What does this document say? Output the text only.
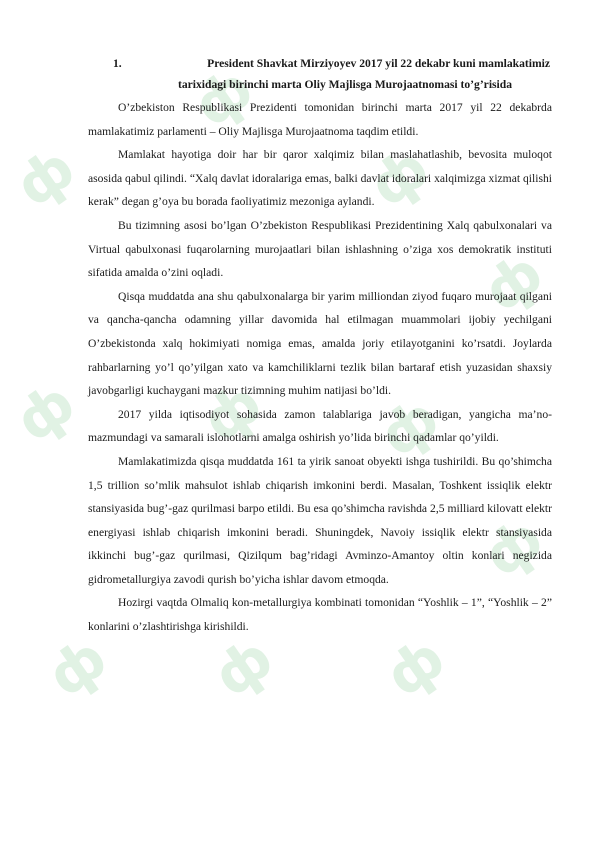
ф
ф
ф
ф
ф
ф
ф
ф
ф
ф
ф

1.	President Shavkat Mirziyoyev 2017 yil 22 dekabr kuni mamlakatimiz
tarixidagi birinchi marta Oliy Majlisga Murojaatnomasi to’g’risida

O’zbekiston Respublikasi Prezidenti tomonidan birinchi marta 2017 yil 22 dekabrda mamlakatimiz parlamenti – Oliy Majlisga Murojaatnoma taqdim etildi.

Mamlakat hayotiga doir har bir qaror xalqimiz bilan maslahatlashib, bevosita muloqot asosida qabul qilindi. “Xalq davlat idoralariga emas, balki davlat idoralari xalqimizga xizmat qilishi kerak” degan g’oya bu borada faoliyatimiz mezoniga aylandi.

Bu tizimning asosi bo’lgan O’zbekiston Respublikasi Prezidentining Xalq qabulxonalari va Virtual qabulxonasi fuqarolarning murojaatlari bilan ishlashning o’ziga xos demokratik instituti sifatida amalda o’zini oqladi.

Qisqa muddatda ana shu qabulxonalarga bir yarim milliondan ziyod fuqaro murojaat qilgani va qancha-qancha odamning yillar davomida hal etilmagan muammolari ijobiy yechilgani O’zbekistonda xalq hokimiyati nomiga emas, amalda joriy etilayotganini ko’rsatdi. Joylarda rahbarlarning yo’l qo’yilgan xato va kamchiliklarni tezlik bilan bartaraf etish yuzasidan shaxsiy javobgarligi kuchaygani mazkur tizimning muhim natijasi bo’ldi.

2017 yilda iqtisodiyot sohasida zamon talablariga javob beradigan, yangicha ma’no-mazmundagi va samarali islohotlarni amalga oshirish yo’lida birinchi qadamlar qo’yildi.

Mamlakatimizda qisqa muddatda 161 ta yirik sanoat obyekti ishga tushirildi. Bu qo’shimcha 1,5 trillion so’mlik mahsulot ishlab chiqarish imkonini berdi. Masalan, Toshkent issiqlik elektr stansiyasida bug’-gaz qurilmasi barpo etildi. Bu esa qo’shimcha ravishda 2,5 milliard kilovatt elektr energiyasi ishlab chiqarish imkonini beradi. Shuningdek, Navoiy issiqlik elektr stansiyasida ikkinchi bug’-gaz qurilmasi, Qizilqum bag’ridagi Avminzo-Amantoy oltin konlari negizida gidrometallurgiya zavodi qurish bo’yicha ishlar davom etmoqda.

Hozirgi vaqtda Olmaliq kon-metallurgiya kombinati tomonidan “Yoshlik – 1”, “Yoshlik – 2” konlarini o’zlashtirishga kirishildi.
